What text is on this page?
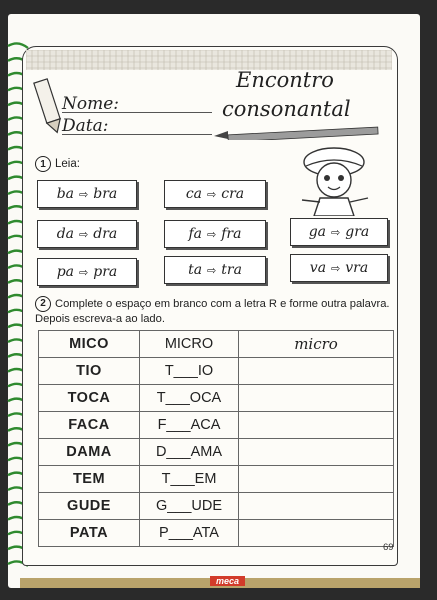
Nome:
Data:
Encontro
consonantal
1 Leia:
ba ⇨ bra	ca ⇨ cra
da ⇨ dra	fa ⇨ fra	ga ⇨ gra
pa ⇨ pra	ta ⇨ tra	va ⇨ vra
2 Complete o espaço em branco com a letra R e forme outra palavra.
Depois escreva-a ao lado.
MICO	MICRO	micro
TIO	T___IO	
TOCA	T___OCA	
FACA	F___ACA	
DAMA	D___AMA	
TEM	T___EM	
GUDE	G___UDE	
PATA	P___ATA	
69
meca
